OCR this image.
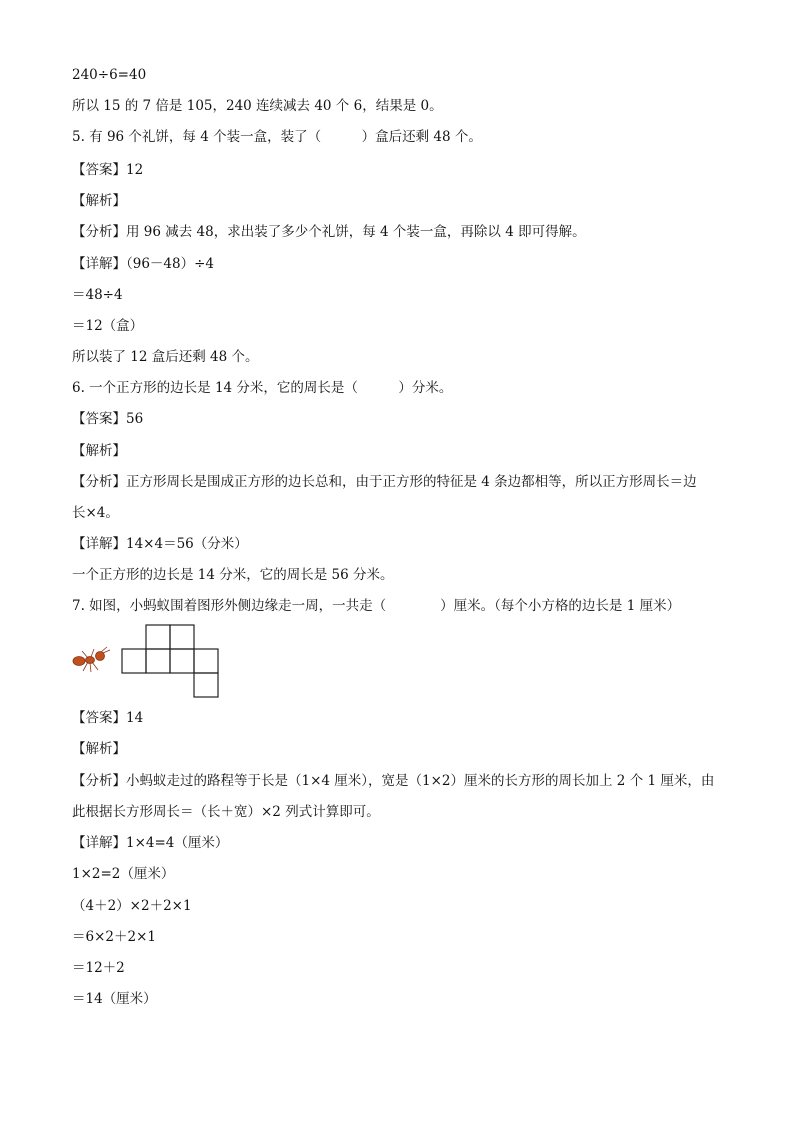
240÷6=40
所以 15 的 7 倍是 105，240 连续减去 40 个 6，结果是 0。
5. 有 96 个礼饼，每 4 个装一盒，装了（　　　）盒后还剩 48 个。
【答案】12
【解析】
【分析】用 96 减去 48，求出装了多少个礼饼，每 4 个装一盒，再除以 4 即可得解。
【详解】（96－48）÷4
＝48÷4
＝12（盒）
所以装了 12 盒后还剩 48 个。
6. 一个正方形的边长是 14 分米，它的周长是（　　　）分米。
【答案】56
【解析】
【分析】正方形周长是围成正方形的边长总和，由于正方形的特征是 4 条边都相等，所以正方形周长＝边
长×4。
【详解】14×4＝56（分米）
一个正方形的边长是 14 分米，它的周长是 56 分米。
7. 如图，小蚂蚁围着图形外侧边缘走一周，一共走（　　　　）厘米。（每个小方格的边长是 1 厘米）
【答案】14
【解析】
【分析】小蚂蚁走过的路程等于长是（1×4 厘米），宽是（1×2）厘米的长方形的周长加上 2 个 1 厘米，由
此根据长方形周长＝（长＋宽）×2 列式计算即可。
【详解】1×4=4（厘米）
1×2=2（厘米）
（4＋2）×2＋2×1
＝6×2＋2×1
＝12＋2
＝14（厘米）
